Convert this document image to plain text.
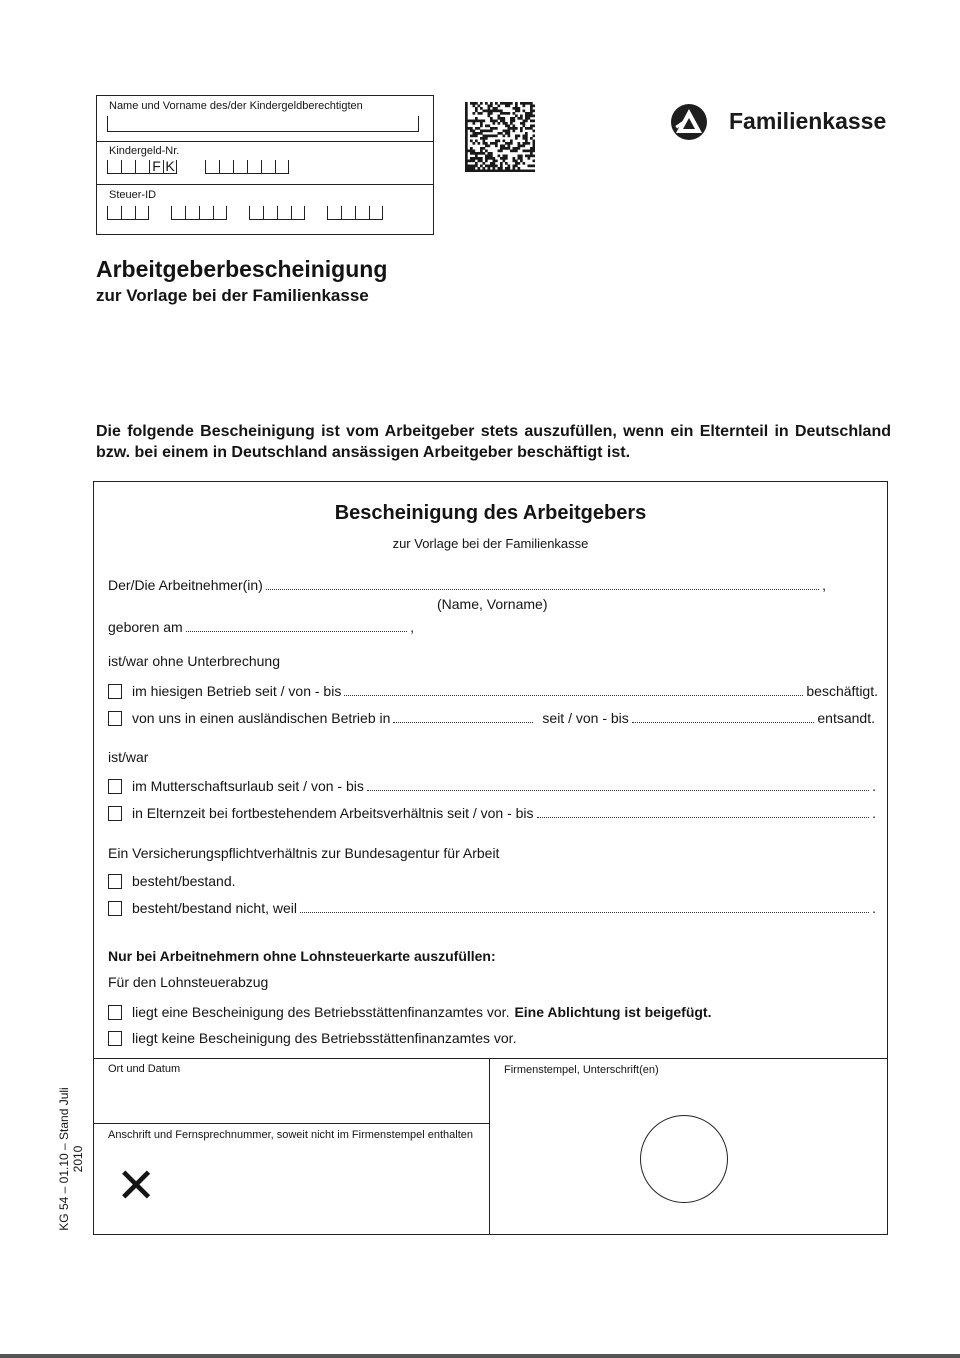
Name und Vorname des/der Kindergeldberechtigten
Kindergeld-Nr.
F K
Steuer-ID
Familienkasse
Arbeitgeberbescheinigung
zur Vorlage bei der Familienkasse
Die folgende Bescheinigung ist vom Arbeitgeber stets auszufüllen, wenn ein Elternteil in Deutschland bzw. bei einem in Deutschland ansässigen Arbeitgeber beschäftigt ist.
Bescheinigung des Arbeitgebers
zur Vorlage bei der Familienkasse
Der/Die Arbeitnehmer(in)	,
(Name, Vorname)
geboren am	,
ist/war ohne Unterbrechung
im hiesigen Betrieb seit / von - bis	beschäftigt.
von uns in einen ausländischen Betrieb in	seit / von - bis	entsandt.
ist/war
im Mutterschaftsurlaub seit / von - bis	.
in Elternzeit bei fortbestehendem Arbeitsverhältnis seit / von - bis	.
Ein Versicherungspflichtverhältnis zur Bundesagentur für Arbeit
besteht/bestand.
besteht/bestand nicht, weil	.
Nur bei Arbeitnehmern ohne Lohnsteuerkarte auszufüllen:
Für den Lohnsteuerabzug
liegt eine Bescheinigung des Betriebsstättenfinanzamtes vor. Eine Ablichtung ist beigefügt.
liegt keine Bescheinigung des Betriebsstättenfinanzamtes vor.
Ort und Datum	Firmenstempel, Unterschrift(en)
Anschrift und Fernsprechnummer, soweit nicht im Firmenstempel enthalten
✕
KG 54 – 01.10 – Stand Juli 2010
